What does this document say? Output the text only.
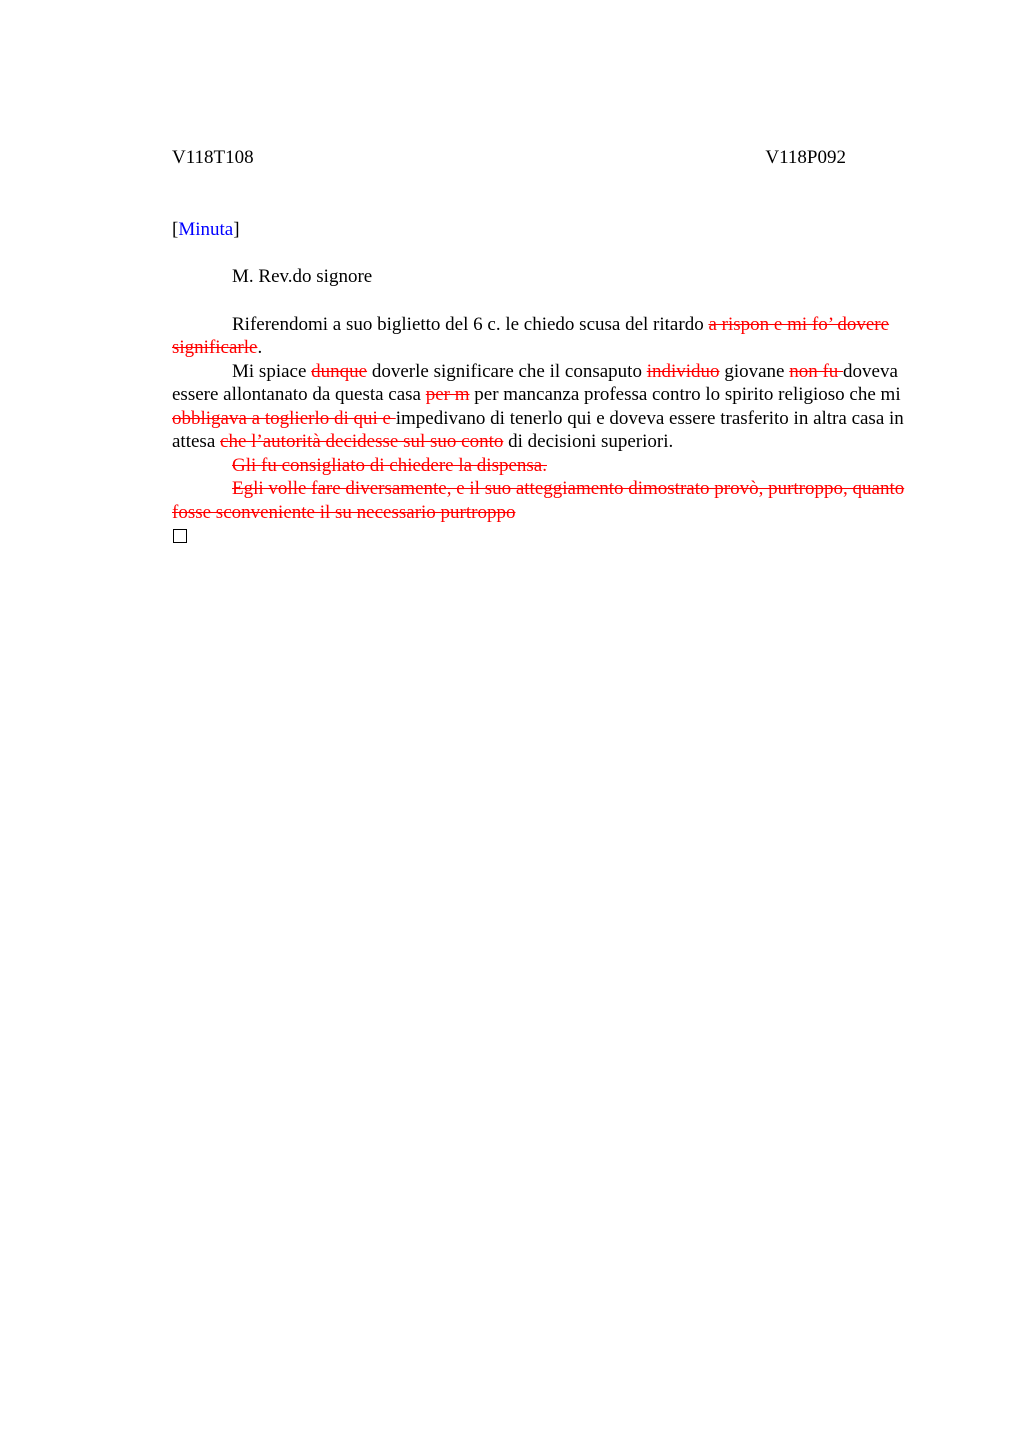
V118T108	V118P092

[Minuta]

M. Rev.do signore

Riferendomi a suo biglietto del 6 c. le chiedo scusa del ritardo a rispon e mi fo’ dovere significarle.

Mi spiace dunque doverle significare che il consaputo individuo giovane non fu doveva essere allontanato da questa casa per m per mancanza professa contro lo spirito religioso che mi obbligava a toglierlo di qui e impedivano di tenerlo qui e doveva essere trasferito in altra casa in attesa che l’autorità decidesse sul suo conto di decisioni superiori.

Gli fu consigliato di chiedere la dispensa.

Egli volle fare diversamente, e il suo atteggiamento dimostrato provò, purtroppo, quanto fosse sconveniente il su necessario purtroppo
